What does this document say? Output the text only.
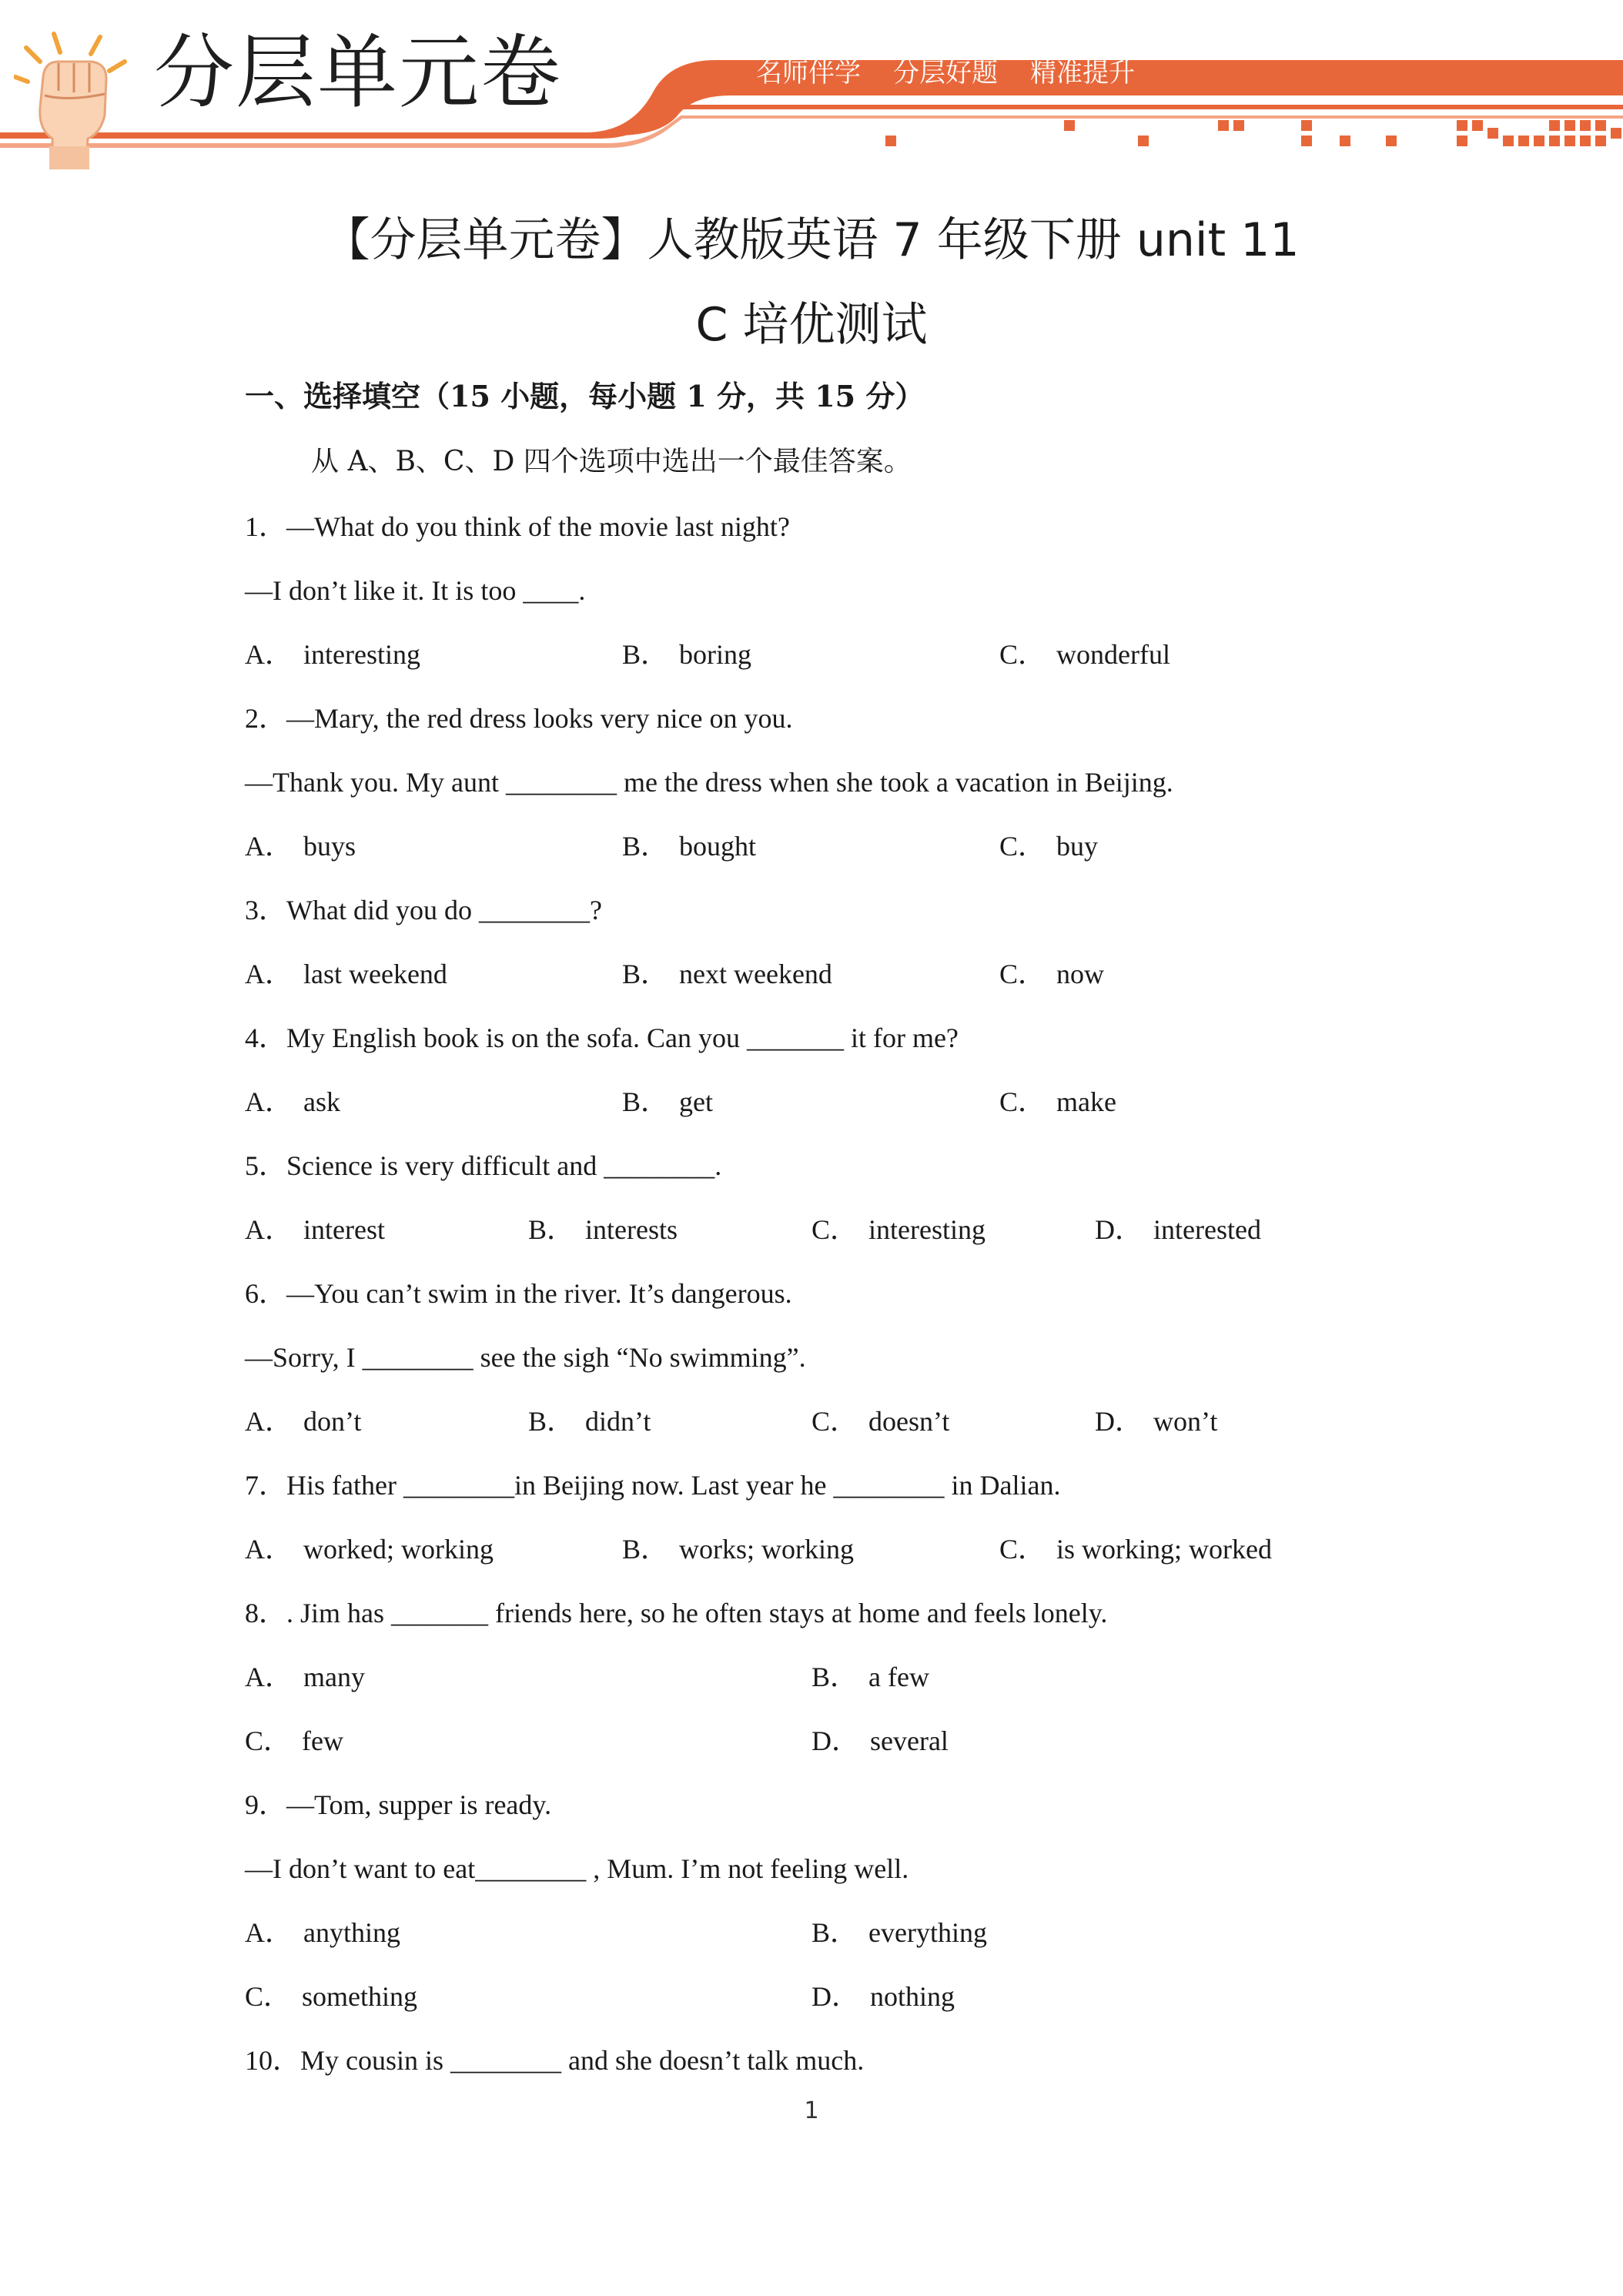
分层单元卷	名师伴学 分层好题 精准提升
【分层单元卷】人教版英语 7 年级下册 unit 11
C 培优测试
一、选择填空（15 小题，每小题 1 分，共 15 分）
从 A、B、C、D 四个选项中选出一个最佳答案。
1．—What do you think of the movie last night?
—I don’t like it. It is too ____.
A． interesting	B． boring	C． wonderful
2．—Mary, the red dress looks very nice on you.
—Thank you. My aunt ________ me the dress when she took a vacation in Beijing.
A． buys	B． bought	C． buy
3．What did you do ________?
A． last weekend	B． next weekend	C． now
4．My English book is on the sofa. Can you _______ it for me?
A． ask	B． get	C． make
5．Science is very difficult and ________.
A． interest	B． interests	C． interesting	D． interested
6．—You can’t swim in the river. It’s dangerous.
—Sorry, I ________ see the sigh “No swimming”.
A． don’t	B． didn’t	C． doesn’t	D． won’t
7．His father ________in Beijing now. Last year he ________ in Dalian.
A． worked; working	B． works; working	C． is working; worked
8．. Jim has _______ friends here, so he often stays at home and feels lonely.
A． many	B． a few
C． few	D． several
9．—Tom, supper is ready.
—I don’t want to eat________ , Mum. I’m not feeling well.
A． anything	B． everything
C． something	D． nothing
10．My cousin is ________ and she doesn’t talk much.
1
